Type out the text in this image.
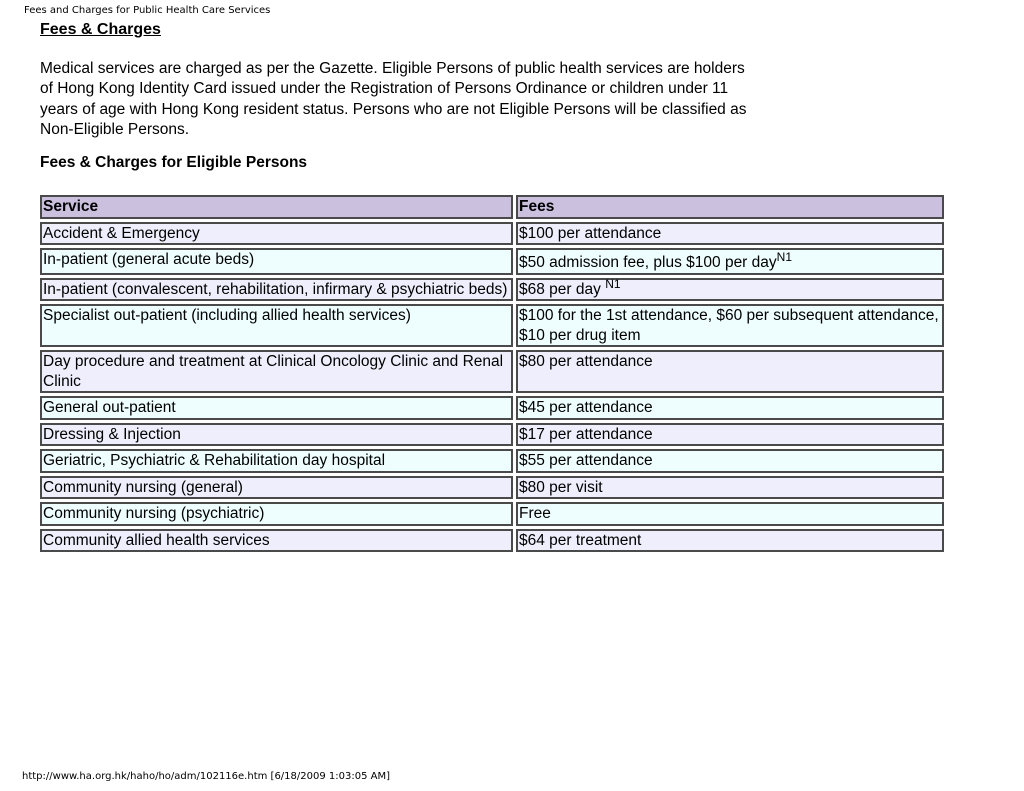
Fees and Charges for Public Health Care Services
Fees & Charges

Medical services are charged as per the Gazette. Eligible Persons of public health services are holders of Hong Kong Identity Card issued under the Registration of Persons Ordinance or children under 11 years of age with Hong Kong resident status. Persons who are not Eligible Persons will be classified as Non-Eligible Persons.

Fees & Charges for Eligible Persons
Service	Fees
Accident & Emergency	$100 per attendance
In-patient (general acute beds)	$50 admission fee, plus $100 per day$^{N1}$
In-patient (convalescent, rehabilitation, infirmary & psychiatric beds)	$68 per day $^{N1}$
Specialist out-patient (including allied health services)	$100 for the 1st attendance, $60 per subsequent attendance, $10 per drug item
Day procedure and treatment at Clinical Oncology Clinic and Renal Clinic	$80 per attendance
General out-patient	$45 per attendance
Dressing & Injection	$17 per attendance
Geriatric, Psychiatric & Rehabilitation day hospital	$55 per attendance
Community nursing (general)	$80 per visit
Community nursing (psychiatric)	Free
Community allied health services	$64 per treatment
http://www.ha.org.hk/haho/ho/adm/102116e.htm [6/18/2009 1:03:05 AM]
